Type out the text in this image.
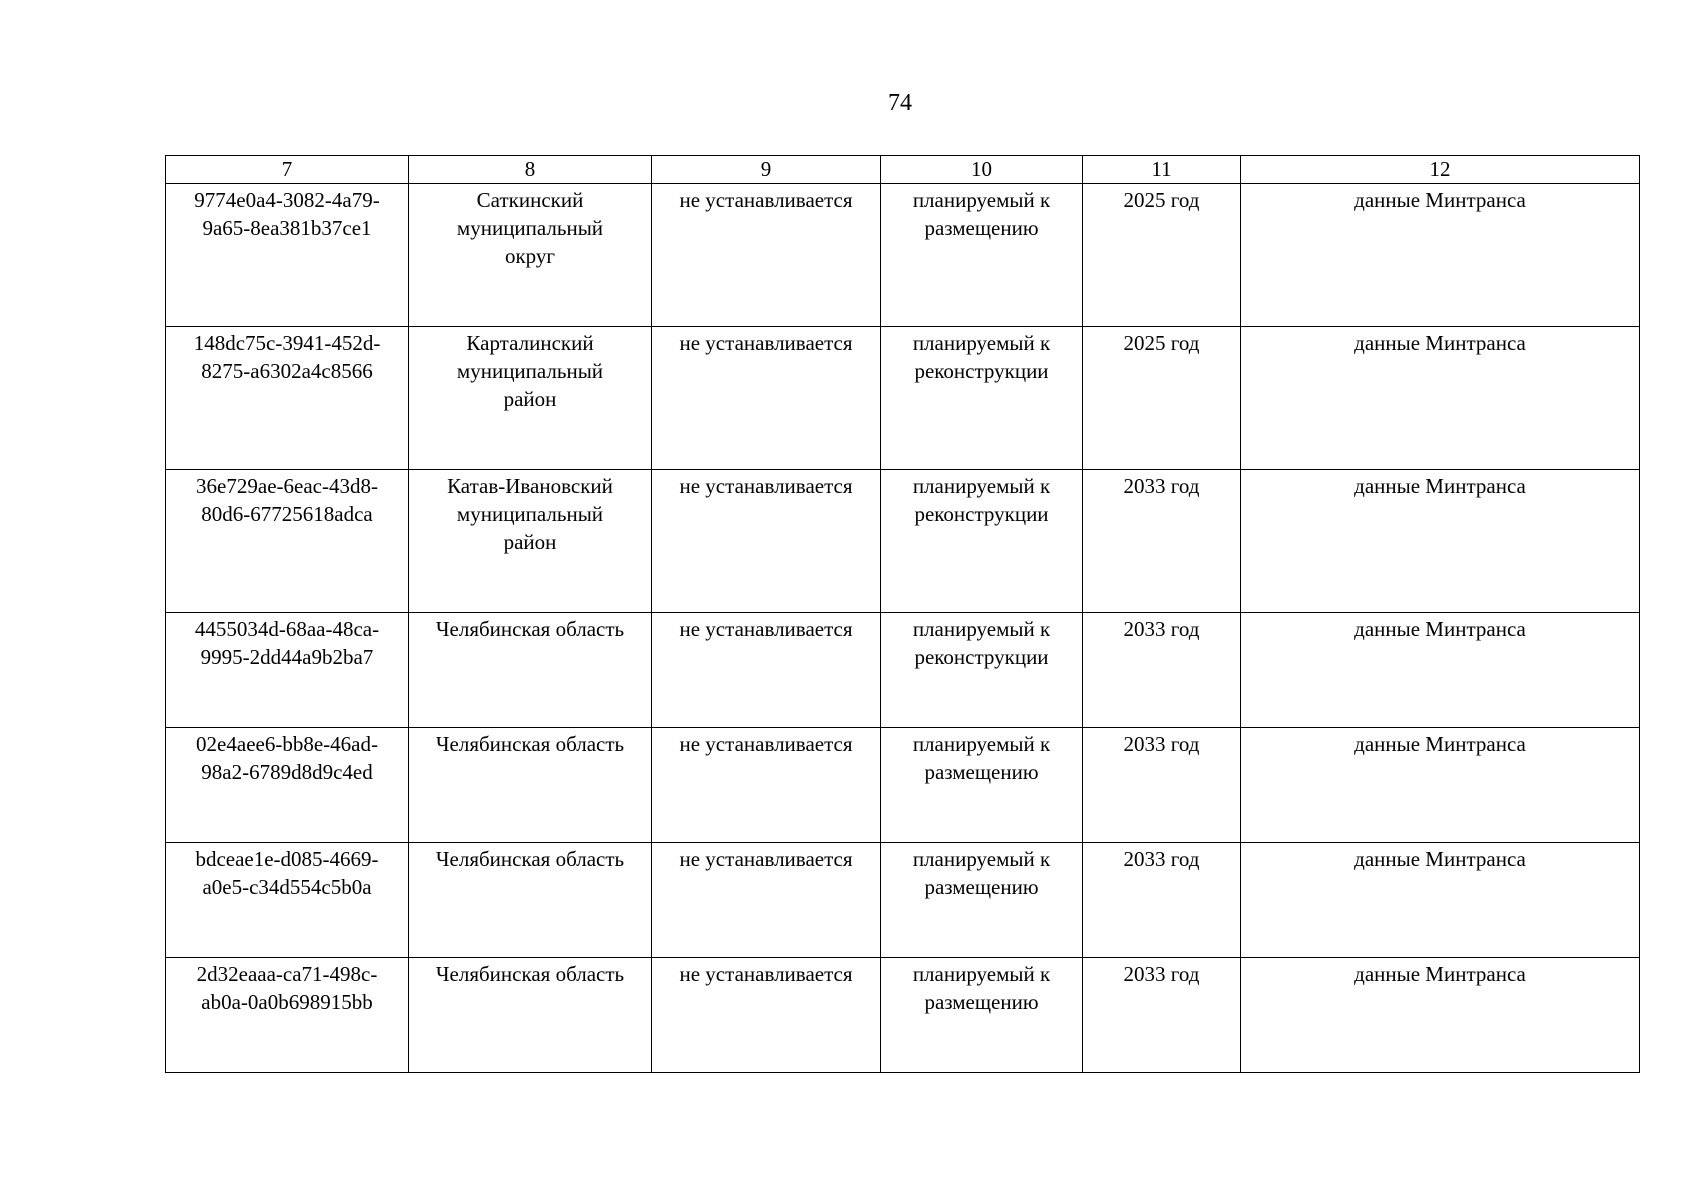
74
7	8	9	10	11	12

9774e0a4-3082-4a79-
9a65-8ea381b37ce1	Саткинский
муниципальный
округ	не устанавливается	планируемый к
размещению	2025 год	данные Минтранса

148dc75c-3941-452d-
8275-a6302a4c8566	Карталинский
муниципальный
район	не устанавливается	планируемый к
реконструкции	2025 год	данные Минтранса

36e729ae-6eac-43d8-
80d6-67725618adca	Катав-Ивановский
муниципальный
район	не устанавливается	планируемый к
реконструкции	2033 год	данные Минтранса

4455034d-68aa-48ca-
9995-2dd44a9b2ba7	Челябинская область	не устанавливается	планируемый к
реконструкции	2033 год	данные Минтранса

02e4aee6-bb8e-46ad-
98a2-6789d8d9c4ed	Челябинская область	не устанавливается	планируемый к
размещению	2033 год	данные Минтранса

bdceae1e-d085-4669-
a0e5-c34d554c5b0a	Челябинская область	не устанавливается	планируемый к
размещению	2033 год	данные Минтранса

2d32eaaa-ca71-498c-
ab0a-0a0b698915bb	Челябинская область	не устанавливается	планируемый к
размещению	2033 год	данные Минтранса
